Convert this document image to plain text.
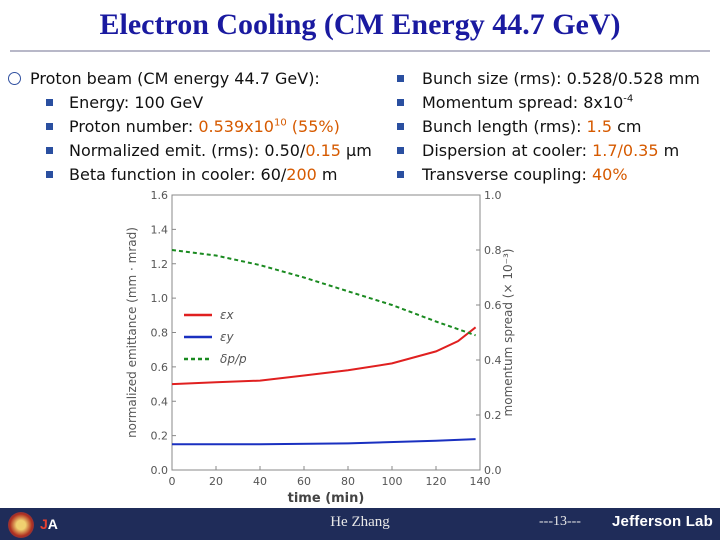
Electron Cooling (CM Energy 44.7 GeV)
Proton beam (CM energy 44.7 GeV):
Energy: 100 GeV
Proton number: $0.539x10^{10}$ (55%)
Normalized emit. (rms): 0.50/0.15 μm
Beta function in cooler: 60/200 m
Bunch size (rms): 0.528/0.528 mm
Momentum spread: $8x10^{-4}$
Bunch length (rms): 1.5 cm
Dispersion at cooler: 1.7/0.35 m
Transverse coupling: 40%
0	20	40	60	80 100 120 140
0.0
0.2
0.4
0.6
0.8
1.0
1.2
1.4
1.6
0.0
0.2
0.4
0.6
0.8
1.0
time (min)
normalized emittance (mm · mrad)	momentum spread (× 10⁻³)
εx
εy
δp/p
JA	He Zhang	---13---	Jefferson Lab
